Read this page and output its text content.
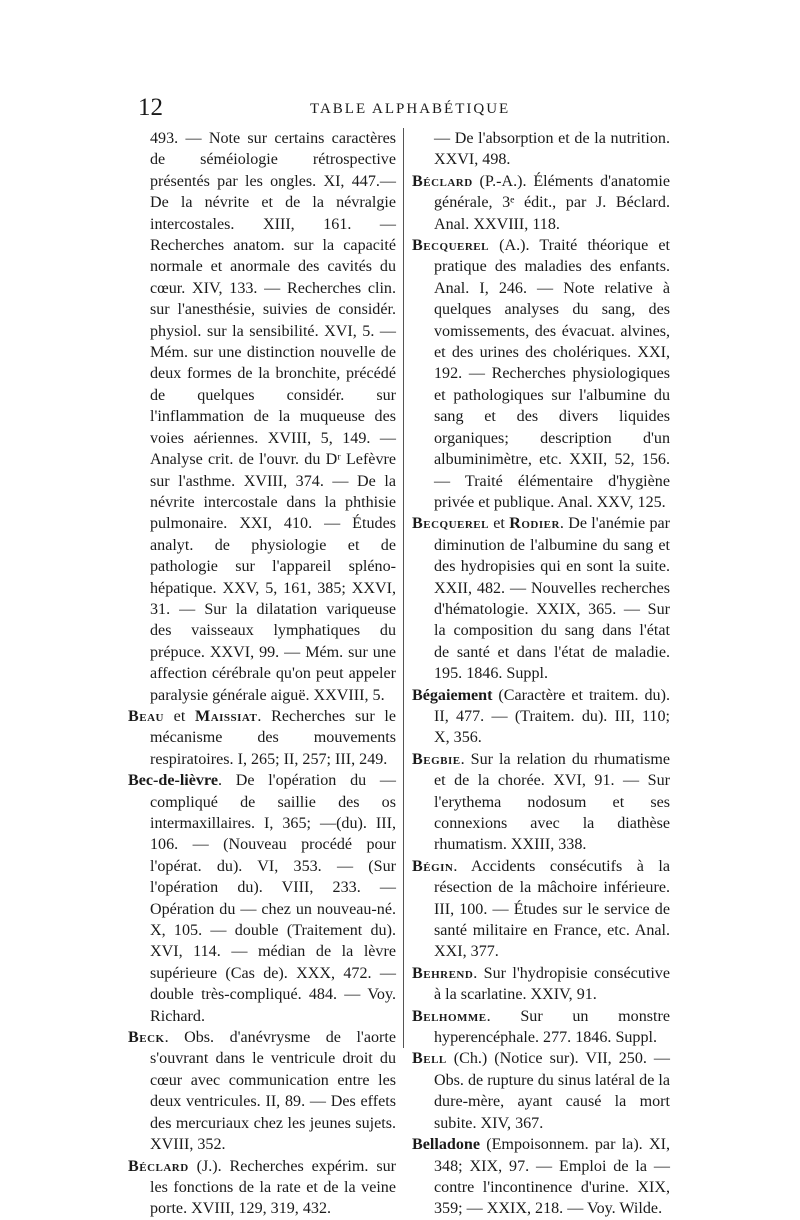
12	TABLE ALPHABÉTIQUE

493. — Note sur certains caractères de séméiologie rétrospective présentés par les ongles. XI, 447.— De la névrite et de la névralgie intercostales. XIII, 161. — Recherches anatom. sur la capacité normale et anormale des cavités du cœur. XIV, 133. — Recherches clin. sur l'anesthésie, suivies de considér. physiol. sur la sensibilité. XVI, 5. — Mém. sur une distinction nouvelle de deux formes de la bronchite, précédé de quelques considér. sur l'inflammation de la muqueuse des voies aériennes. XVIII, 5, 149. — Analyse crit. de l'ouvr. du Dʳ Lefèvre sur l'asthme. XVIII, 374. — De la névrite intercostale dans la phthisie pulmonaire. XXI, 410. — Études analyt. de physiologie et de pathologie sur l'appareil spléno-hépatique. XXV, 5, 161, 385; XXVI, 31. — Sur la dilatation variqueuse des vaisseaux lymphatiques du prépuce. XXVI, 99. — Mém. sur une affection cérébrale qu'on peut appeler paralysie générale aiguë. XXVIII, 5.

Beau et Maissiat. Recherches sur le mécanisme des mouvements respiratoires. I, 265; II, 257; III, 249.

Bec-de-lièvre. De l'opération du — compliqué de saillie des os intermaxillaires. I, 365; —(du). III, 106. — (Nouveau procédé pour l'opérat. du). VI, 353. — (Sur l'opération du). VIII, 233. — Opération du — chez un nouveau-né. X, 105. — double (Traitement du). XVI, 114. — médian de la lèvre supérieure (Cas de). XXX, 472. — double très-compliqué. 484. — Voy. Richard.

Beck. Obs. d'anévrysme de l'aorte s'ouvrant dans le ventricule droit du cœur avec communication entre les deux ventricules. II, 89. — Des effets des mercuriaux chez les jeunes sujets. XVIII, 352.

Béclard (J.). Recherches expérim. sur les fonctions de la rate et de la veine porte. XVIII, 129, 319, 432.

— De l'absorption et de la nutrition. XXVI, 498.

Béclard (P.-A.). Éléments d'anatomie générale, 3ᵉ édit., par J. Béclard. Anal. XXVIII, 118.

Becquerel (A.). Traité théorique et pratique des maladies des enfants. Anal. I, 246. — Note relative à quelques analyses du sang, des vomissements, des évacuat. alvines, et des urines des cholériques. XXI, 192. — Recherches physiologiques et pathologiques sur l'albumine du sang et des divers liquides organiques; description d'un albuminimètre, etc. XXII, 52, 156. — Traité élémentaire d'hygiène privée et publique. Anal. XXV, 125.

Becquerel et Rodier. De l'anémie par diminution de l'albumine du sang et des hydropisies qui en sont la suite. XXII, 482. — Nouvelles recherches d'hématologie. XXIX, 365. — Sur la composition du sang dans l'état de santé et dans l'état de maladie. 195. 1846. Suppl.

Bégaiement (Caractère et traitem. du). II, 477. — (Traitem. du). III, 110; X, 356.

Begbie. Sur la relation du rhumatisme et de la chorée. XVI, 91. — Sur l'erythema nodosum et ses connexions avec la diathèse rhumatism. XXIII, 338.

Bégin. Accidents consécutifs à la résection de la mâchoire inférieure. III, 100. — Études sur le service de santé militaire en France, etc. Anal. XXI, 377.

Behrend. Sur l'hydropisie consécutive à la scarlatine. XXIV, 91.

Belhomme. Sur un monstre hyperencéphale. 277. 1846. Suppl.

Bell (Ch.) (Notice sur). VII, 250. — Obs. de rupture du sinus latéral de la dure-mère, ayant causé la mort subite. XIV, 367.

Belladone (Empoisonnem. par la). XI, 348; XIX, 97. — Emploi de la — contre l'incontinence d'urine. XIX, 359; — XXIX, 218. — Voy. Wilde.
